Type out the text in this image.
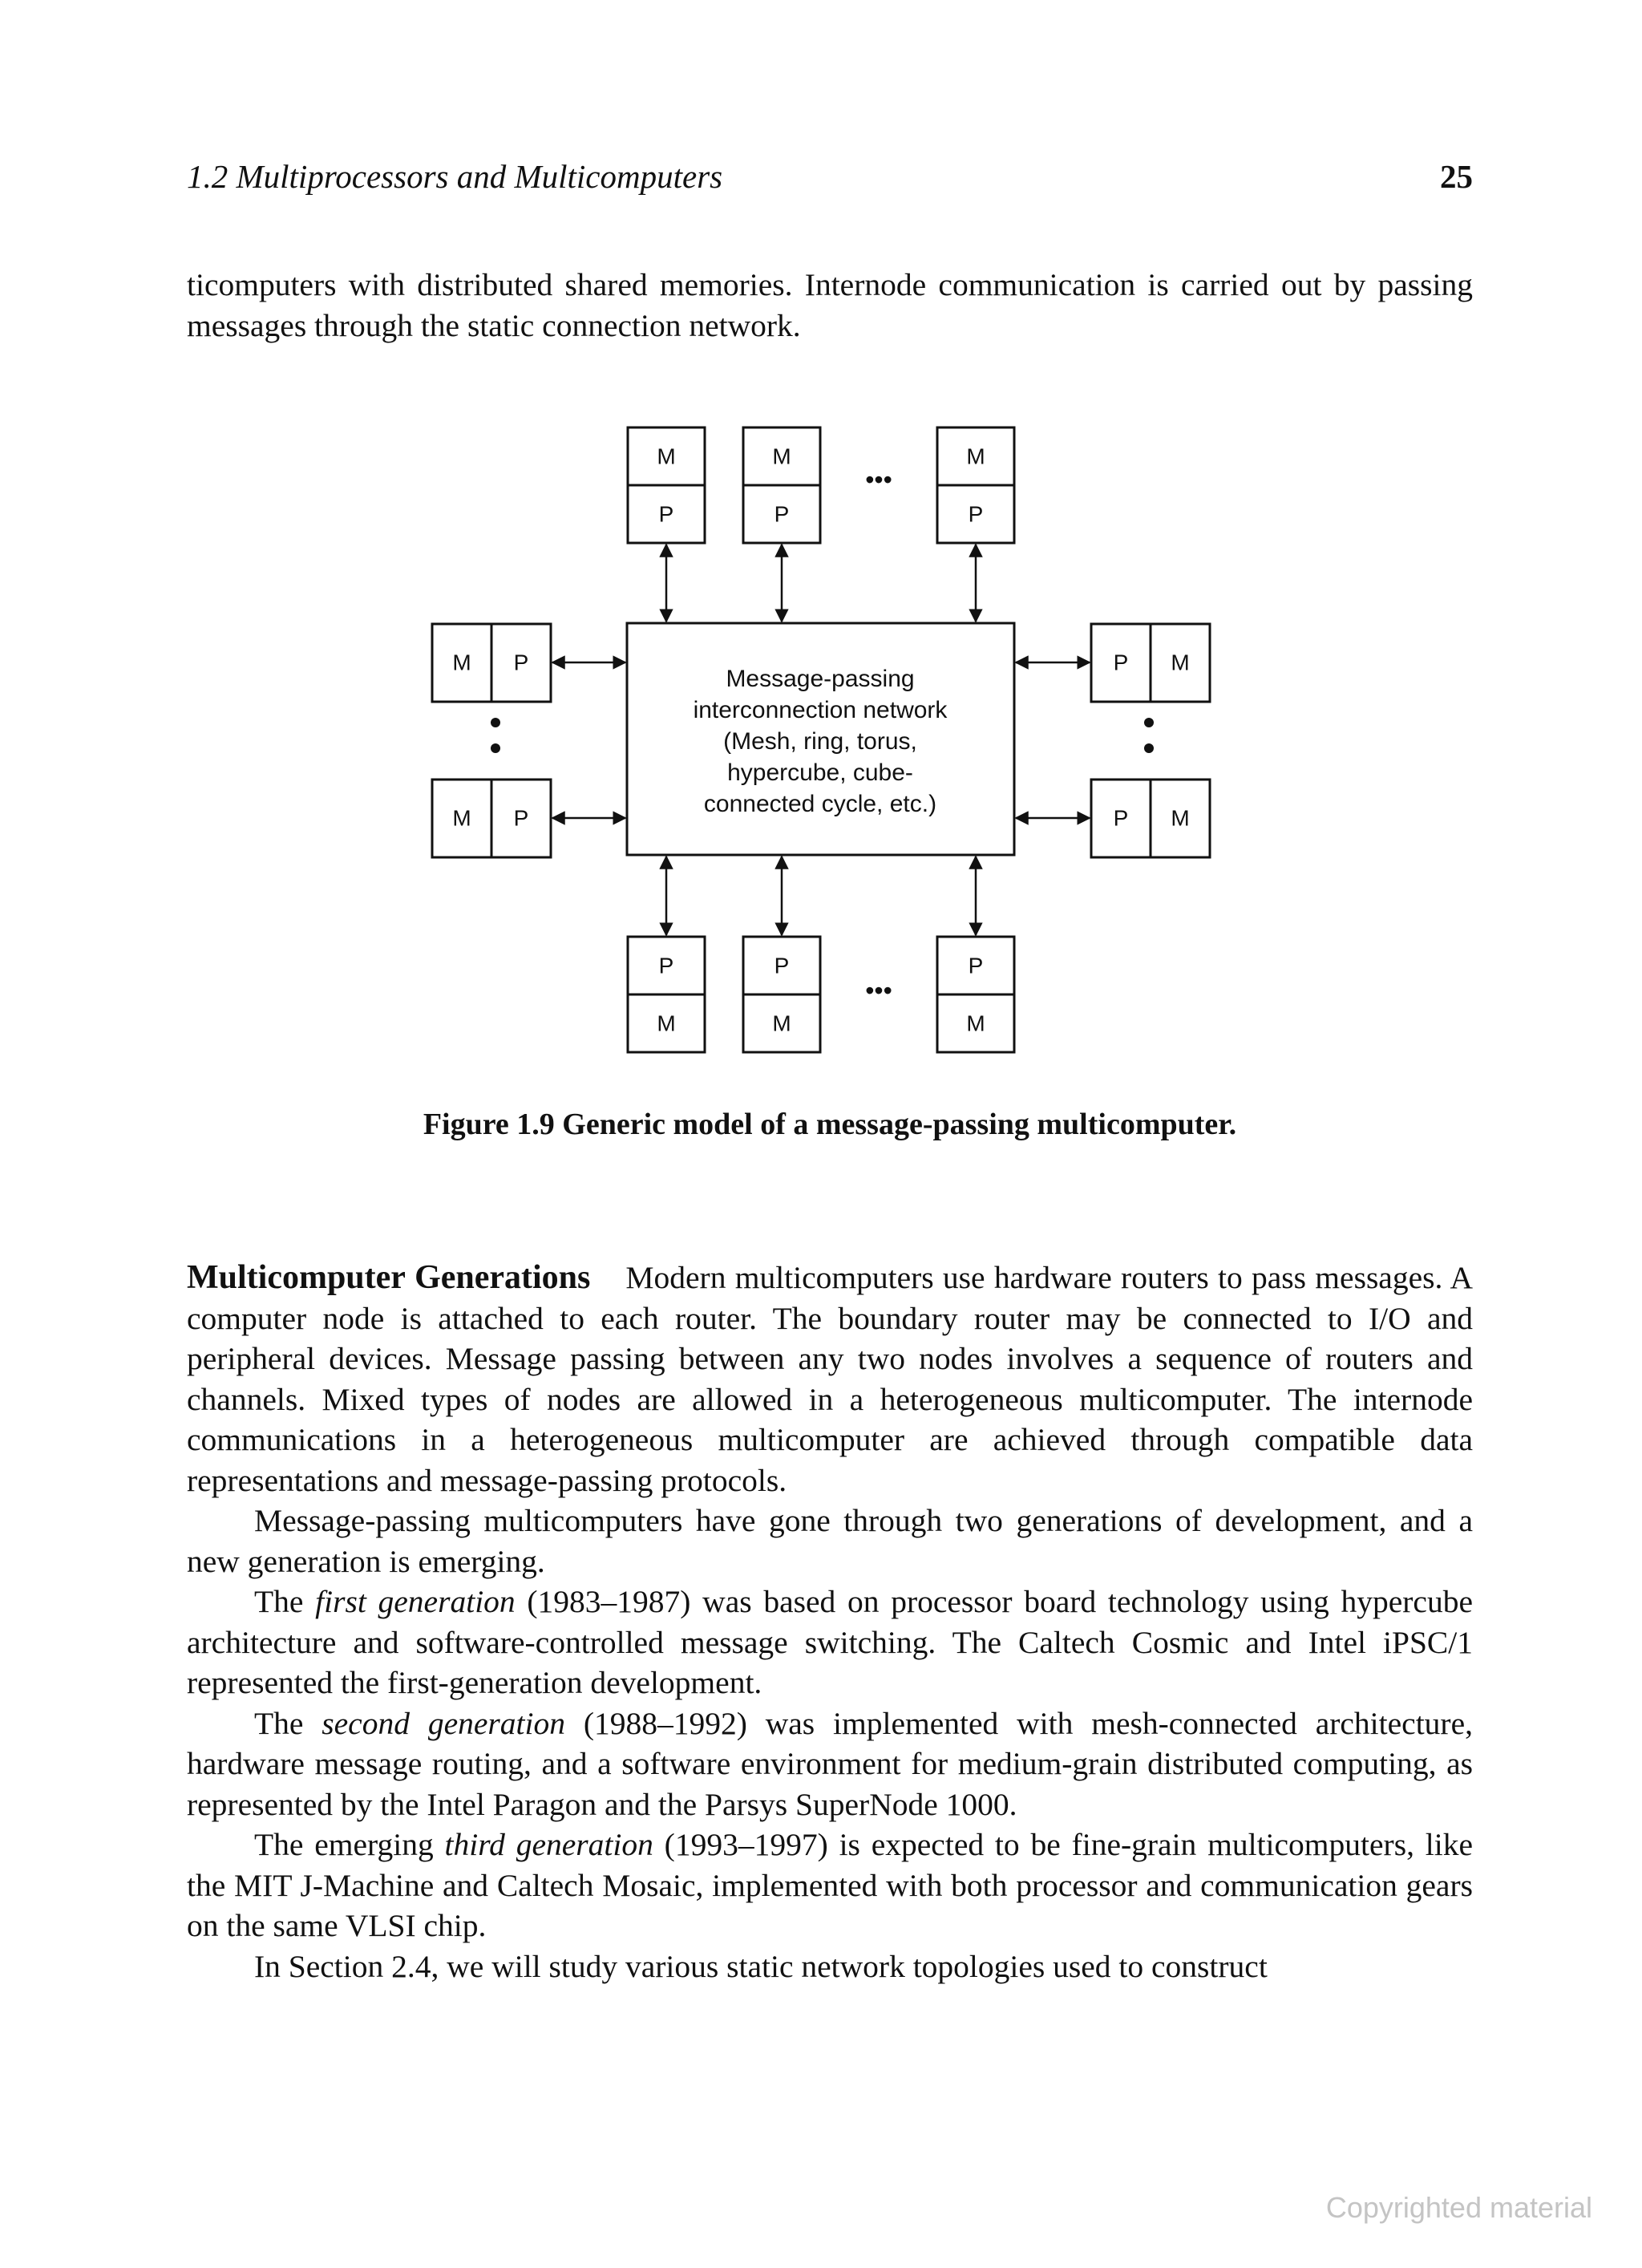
1.2 Multiprocessors and Multicomputers	25
ticomputers with distributed shared memories. Internode communication is carried out by passing messages through the static connection network.
Message-passing
interconnection network
(Mesh, ring, torus,
hypercube, cube-
connected cycle, etc.)
M
P
M
P
•••
M
P
P
M
P
M
•••
P
M
M P
M P
P M
P M
Figure 1.9 Generic model of a message-passing multicomputer.

Multicomputer Generations Modern multicomputers use hardware routers to pass messages. A computer node is attached to each router. The boundary router may be connected to I/O and peripheral devices. Message passing between any two nodes involves a sequence of routers and channels. Mixed types of nodes are allowed in a heterogeneous multicomputer. The internode communications in a heterogeneous multicomputer are achieved through compatible data representations and message-passing protocols.

Message-passing multicomputers have gone through two generations of development, and a new generation is emerging.

The first generation (1983–1987) was based on processor board technology using hypercube architecture and software-controlled message switching. The Caltech Cosmic and Intel iPSC/1 represented the first-generation development.

The second generation (1988–1992) was implemented with mesh-connected architecture, hardware message routing, and a software environment for medium-grain distributed computing, as represented by the Intel Paragon and the Parsys SuperNode 1000.

The emerging third generation (1993–1997) is expected to be fine-grain multicomputers, like the MIT J-Machine and Caltech Mosaic, implemented with both processor and communication gears on the same VLSI chip.

In Section 2.4, we will study various static network topologies used to construct

Copyrighted material
